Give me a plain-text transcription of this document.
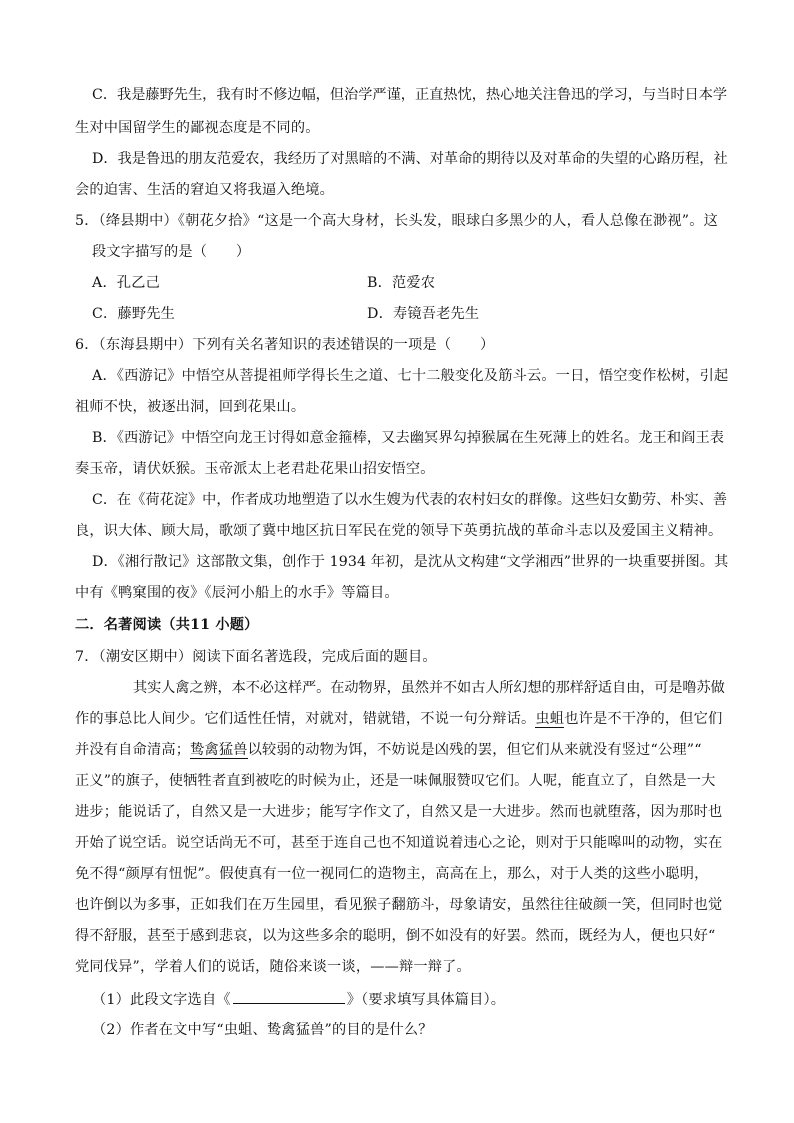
C．我是藤野先生，我有时不修边幅，但治学严谨，正直热忱，热心地关注鲁迅的学习，与当时日本学
生对中国留学生的鄙视态度是不同的。
D．我是鲁迅的朋友范爱农，我经历了对黑暗的不满、对革命的期待以及对革命的失望的心路历程，社
会的迫害、生活的窘迫又将我逼入绝境。
5．（绛县期中）《朝花夕拾》“这是一个高大身材，长头发，眼球白多黑少的人，看人总像在渺视”。这
段文字描写的是（　　）
A．孔乙己	B．范爱农
C．藤野先生	D．寿镜吾老先生
6．（东海县期中）下列有关名著知识的表述错误的一项是（　　）
A．《西游记》中悟空从菩提祖师学得长生之道、七十二般变化及筋斗云。一日，悟空变作松树，引起
祖师不快，被逐出洞，回到花果山。
B．《西游记》中悟空向龙王讨得如意金箍棒，又去幽冥界勾掉猴属在生死薄上的姓名。龙王和阎王表
奏玉帝，请伏妖猴。玉帝派太上老君赴花果山招安悟空。
C．在《荷花淀》中，作者成功地塑造了以水生嫂为代表的农村妇女的群像。这些妇女勤劳、朴实、善
良，识大体、顾大局，歌颂了冀中地区抗日军民在党的领导下英勇抗战的革命斗志以及爱国主义精神。
D．《湘行散记》这部散文集，创作于 1934 年初，是沈从文构建“文学湘西”世界的一块重要拼图。其
中有《鸭窠围的夜》《辰河小船上的水手》等篇目。
二．名著阅读（共11 小题）
7．（潮安区期中）阅读下面名著选段，完成后面的题目。
其实人禽之辨，本不必这样严。在动物界，虽然并不如古人所幻想的那样舒适自由，可是噜苏做
作的事总比人间少。它们适性任情，对就对，错就错，不说一句分辩话。虫蛆也许是不干净的，但它们
并没有自命清高；鸷禽猛兽以较弱的动物为饵，不妨说是凶残的罢，但它们从来就没有竖过“公理”“
正义”的旗子，使牺牲者直到被吃的时候为止，还是一味佩服赞叹它们。人呢，能直立了，自然是一大
进步；能说话了，自然又是一大进步；能写字作文了，自然又是一大进步。然而也就堕落，因为那时也
开始了说空话。说空话尚无不可，甚至于连自己也不知道说着违心之论，则对于只能嗥叫的动物，实在
免不得“颜厚有忸怩”。假使真有一位一视同仁的造物主，高高在上，那么，对于人类的这些小聪明，
也许倒以为多事，正如我们在万生园里，看见猴子翻筋斗，母象请安，虽然往往破颜一笑，但同时也觉
得不舒服，甚至于感到悲哀，以为这些多余的聪明，倒不如没有的好罢。然而，既经为人，便也只好“
党同伐异”，学着人们的说话，随俗来谈一谈，——辩一辩了。
（1）此段文字选自《	》（要求填写具体篇目）。
（2）作者在文中写“虫蛆、鸷禽猛兽”的目的是什么？
